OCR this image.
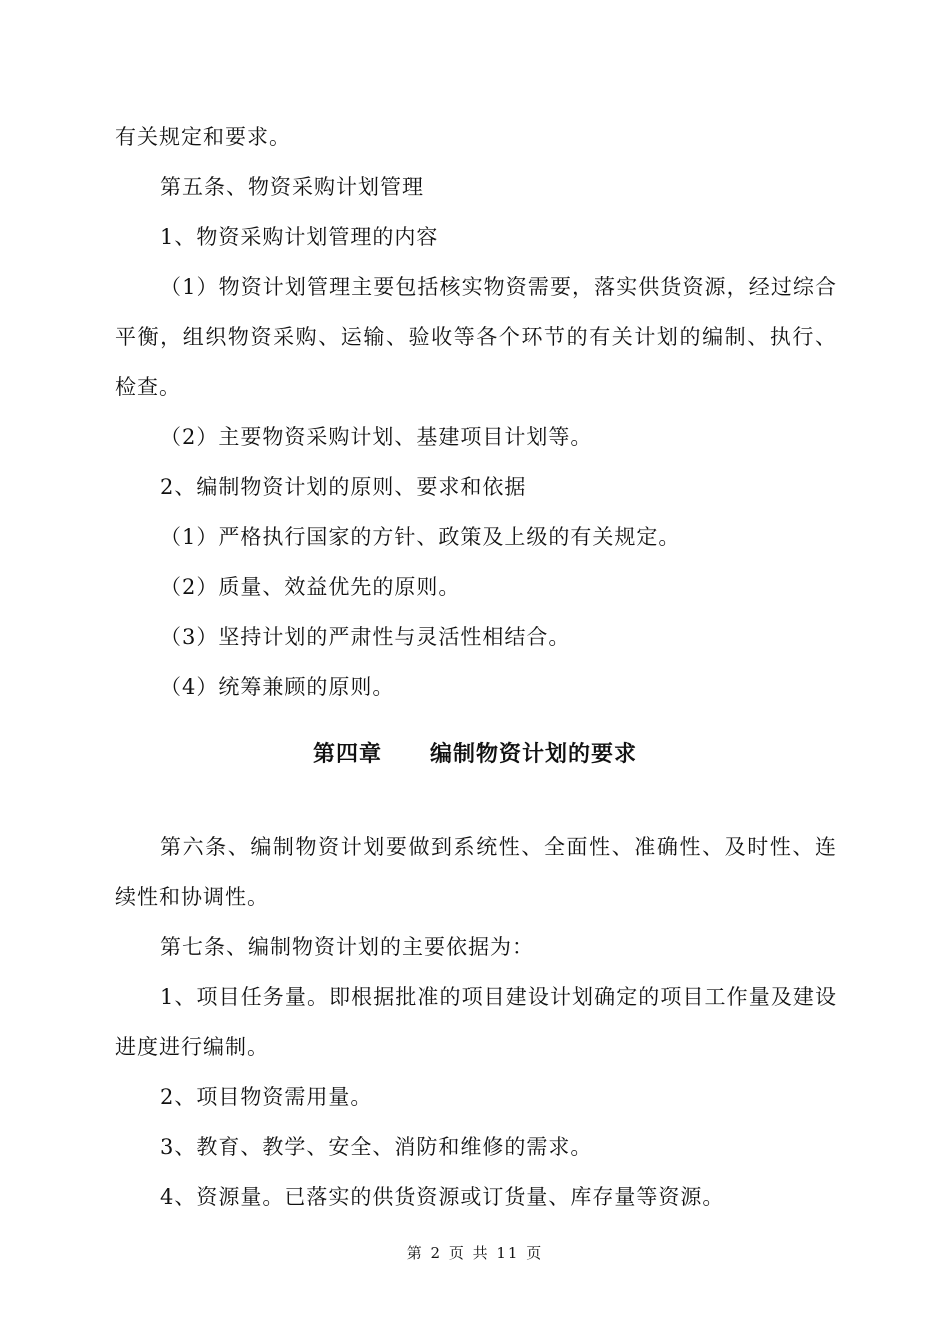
有关规定和要求。
第五条、物资采购计划管理
1、物资采购计划管理的内容
（1）物资计划管理主要包括核实物资需要，落实供货资源，经过综合
平衡，组织物资采购、运输、验收等各个环节的有关计划的编制、执行、
检查。
（2）主要物资采购计划、基建项目计划等。
2、编制物资计划的原则、要求和依据
（1）严格执行国家的方针、政策及上级的有关规定。
（2）质量、效益优先的原则。
（3）坚持计划的严肃性与灵活性相结合。
（4）统筹兼顾的原则。
第四章 编制物资计划的要求
第六条、编制物资计划要做到系统性、全面性、准确性、及时性、连
续性和协调性。
第七条、编制物资计划的主要依据为：
1、项目任务量。即根据批准的项目建设计划确定的项目工作量及建设
进度进行编制。
2、项目物资需用量。
3、教育、教学、安全、消防和维修的需求。
4、资源量。已落实的供货资源或订货量、库存量等资源。
第 2 页 共 11 页
